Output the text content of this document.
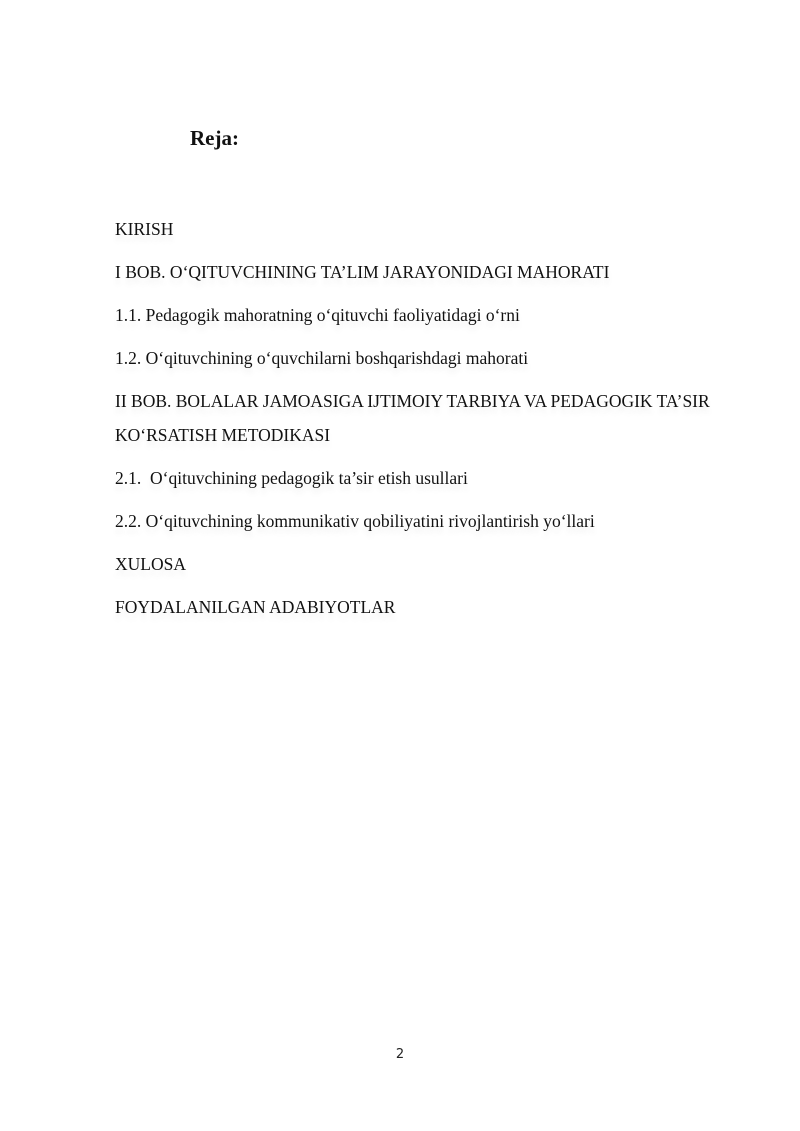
Reja:
KIRISH
I BOB. O‘QITUVCHINING TA’LIM JARAYONIDAGI MAHORATI
1.1. Pedagogik mahoratning o‘qituvchi faoliyatidagi o‘rni
1.2. O‘qituvchining o‘quvchilarni boshqarishdagi mahorati
II BOB. BOLALAR JAMOASIGA IJTIMOIY TARBIYA VA PEDAGOGIK TA’SIR KO‘RSATISH METODIKASI
2.1.  O‘qituvchining pedagogik ta’sir etish usullari
2.2. O‘qituvchining kommunikativ qobiliyatini rivojlantirish yo‘llari
XULOSA
FOYDALANILGAN ADABIYOTLAR
2
